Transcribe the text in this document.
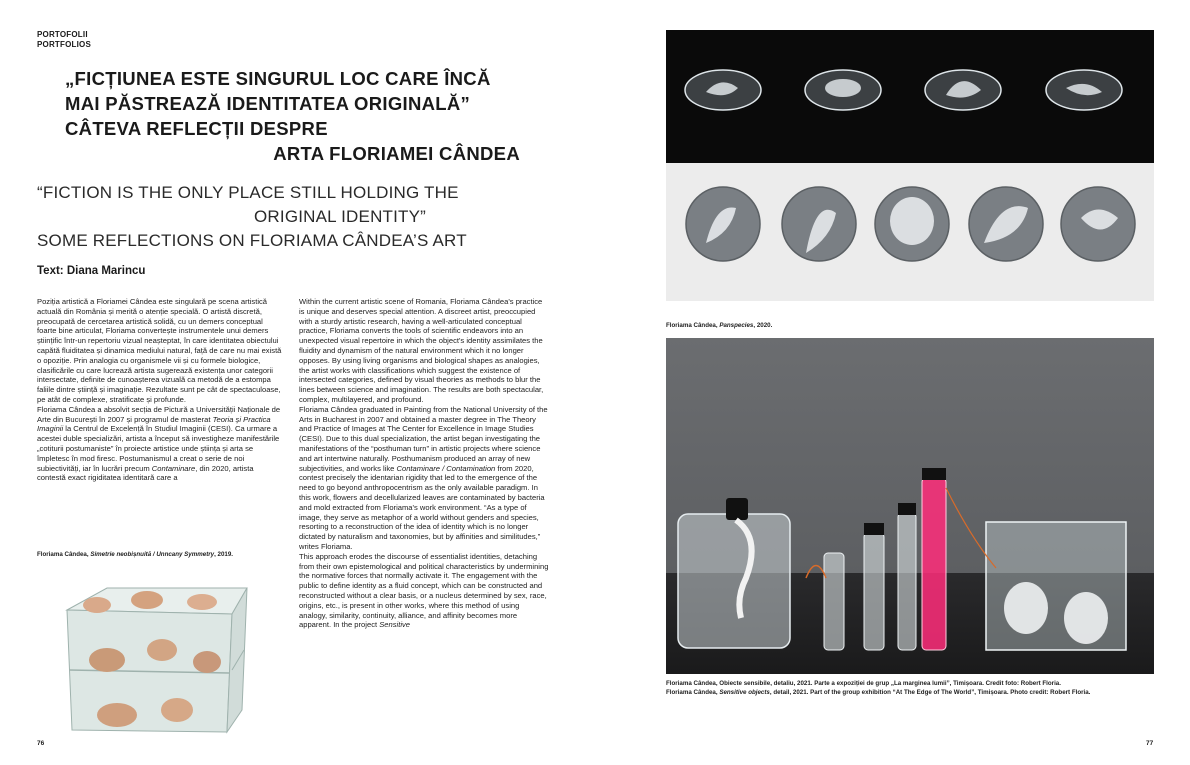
PORTOFOLII
PORTFOLIOS
„FICȚIUNEA ESTE SINGURUL LOC CARE ÎNCĂ
MAI PĂSTREAZĂ IDENTITATEA ORIGINALĂ”
CÂTEVA REFLECȚII DESPRE
ARTA FLORIAMEI CÂNDEA
“FICTION IS THE ONLY PLACE STILL HOLDING THE
ORIGINAL IDENTITY”
SOME REFLECTIONS ON FLORIAMA CÂNDEA’S ART
Text: Diana Marincu

Poziția artistică a Floriamei Cândea este singulară pe scena artistică actuală din România și merită o atenție specială. O artistă discretă, preocupată de cercetarea artistică solidă, cu un demers conceptual foarte bine articulat, Floriama convertește instrumentele unui demers științific într-un repertoriu vizual neașteptat, în care identitatea obiectului capătă fluiditatea și dinamica mediului natural, față de care nu mai există o opoziție. Prin analogia cu organismele vii și cu formele biologice, clasificările cu care lucrează artista sugerează existența unor categorii intersectate, definite de cunoașterea vizuală ca metodă de a estompa faliile dintre știință și imaginație. Rezultate sunt pe cât de spectaculoase, pe atât de complexe, stratificate și profunde.

Floriama Cândea a absolvit secția de Pictură a Universității Naționale de Arte din București în 2007 și programul de masterat Teoria și Practica Imaginii la Centrul de Excelență în Studiul Imaginii (CESI). Ca urmare a acestei duble specializări, artista a început să investigheze manifestările „cotiturii postumaniste” în proiecte artistice unde știința și arta se împletesc în mod firesc. Postumanismul a creat o serie de noi subiectivități, iar în lucrări precum Contaminare, din 2020, artista contestă exact rigiditatea identitară care a

Floriama Cândea, Simetrie neobișnuită / Unncany Symmetry, 2019.
76

Within the current artistic scene of Romania, Floriama Cândea's practice is unique and deserves special attention. A discreet artist, preoccupied with a sturdy artistic research, having a well-articulated conceptual practice, Floriama converts the tools of scientific endeavors into an unexpected visual repertoire in which the object's identity assimilates the fluidity and dynamism of the natural environment which it no longer opposes. By using living organisms and biological shapes as analogies, the artist works with classifications which suggest the existence of intersected categories, defined by visual theories as methods to blur the lines between science and imagination. The results are both spectacular, complex, multilayered, and profound.

Floriama Cândea graduated in Painting from the National University of the Arts in Bucharest in 2007 and obtained a master degree in The Theory and Practice of Images at The Center for Excellence in Image Studies (CESI). Due to this dual specialization, the artist began investigating the manifestations of the “posthuman turn” in artistic projects where science and art intertwine naturally. Posthumanism produced an array of new subjectivities, and works like Contaminare / Contamination from 2020, contest precisely the identarian rigidity that led to the emergence of the need to go beyond anthropocentrism as the only available paradigm. In this work, flowers and decellularized leaves are contaminated by bacteria and mold extracted from Floriama's work environment. “As a type of image, they serve as metaphor of a world without genders and species, resorting to a reconstruction of the idea of identity which is no longer dictated by naturalism and taxonomies, but by affinities and similitudes,” writes Floriama.

This approach erodes the discourse of essentialist identities, detaching from their own epistemological and political characteristics by undermining the normative forces that normally activate it. The engagement with the public to define identity as a fluid concept, which can be constructed and reconstructed without a clear basis, or a nucleus determined by sex, race, origins, etc., is present in other works, where this method of using analogy, similarity, continuity, alliance, and affinity becomes more apparent. In the project Sensitive

Floriama Cândea, Panspecies, 2020.
Floriama Cândea, Obiecte sensibile, detaliu, 2021. Parte a expoziției de grup „La marginea lumii”, Timișoara. Credit foto: Robert Floria.
Floriama Cândea, Sensitive objects, detail, 2021. Part of the group exhibition “At The Edge of The World”, Timișoara. Photo credit: Robert Floria.
77
